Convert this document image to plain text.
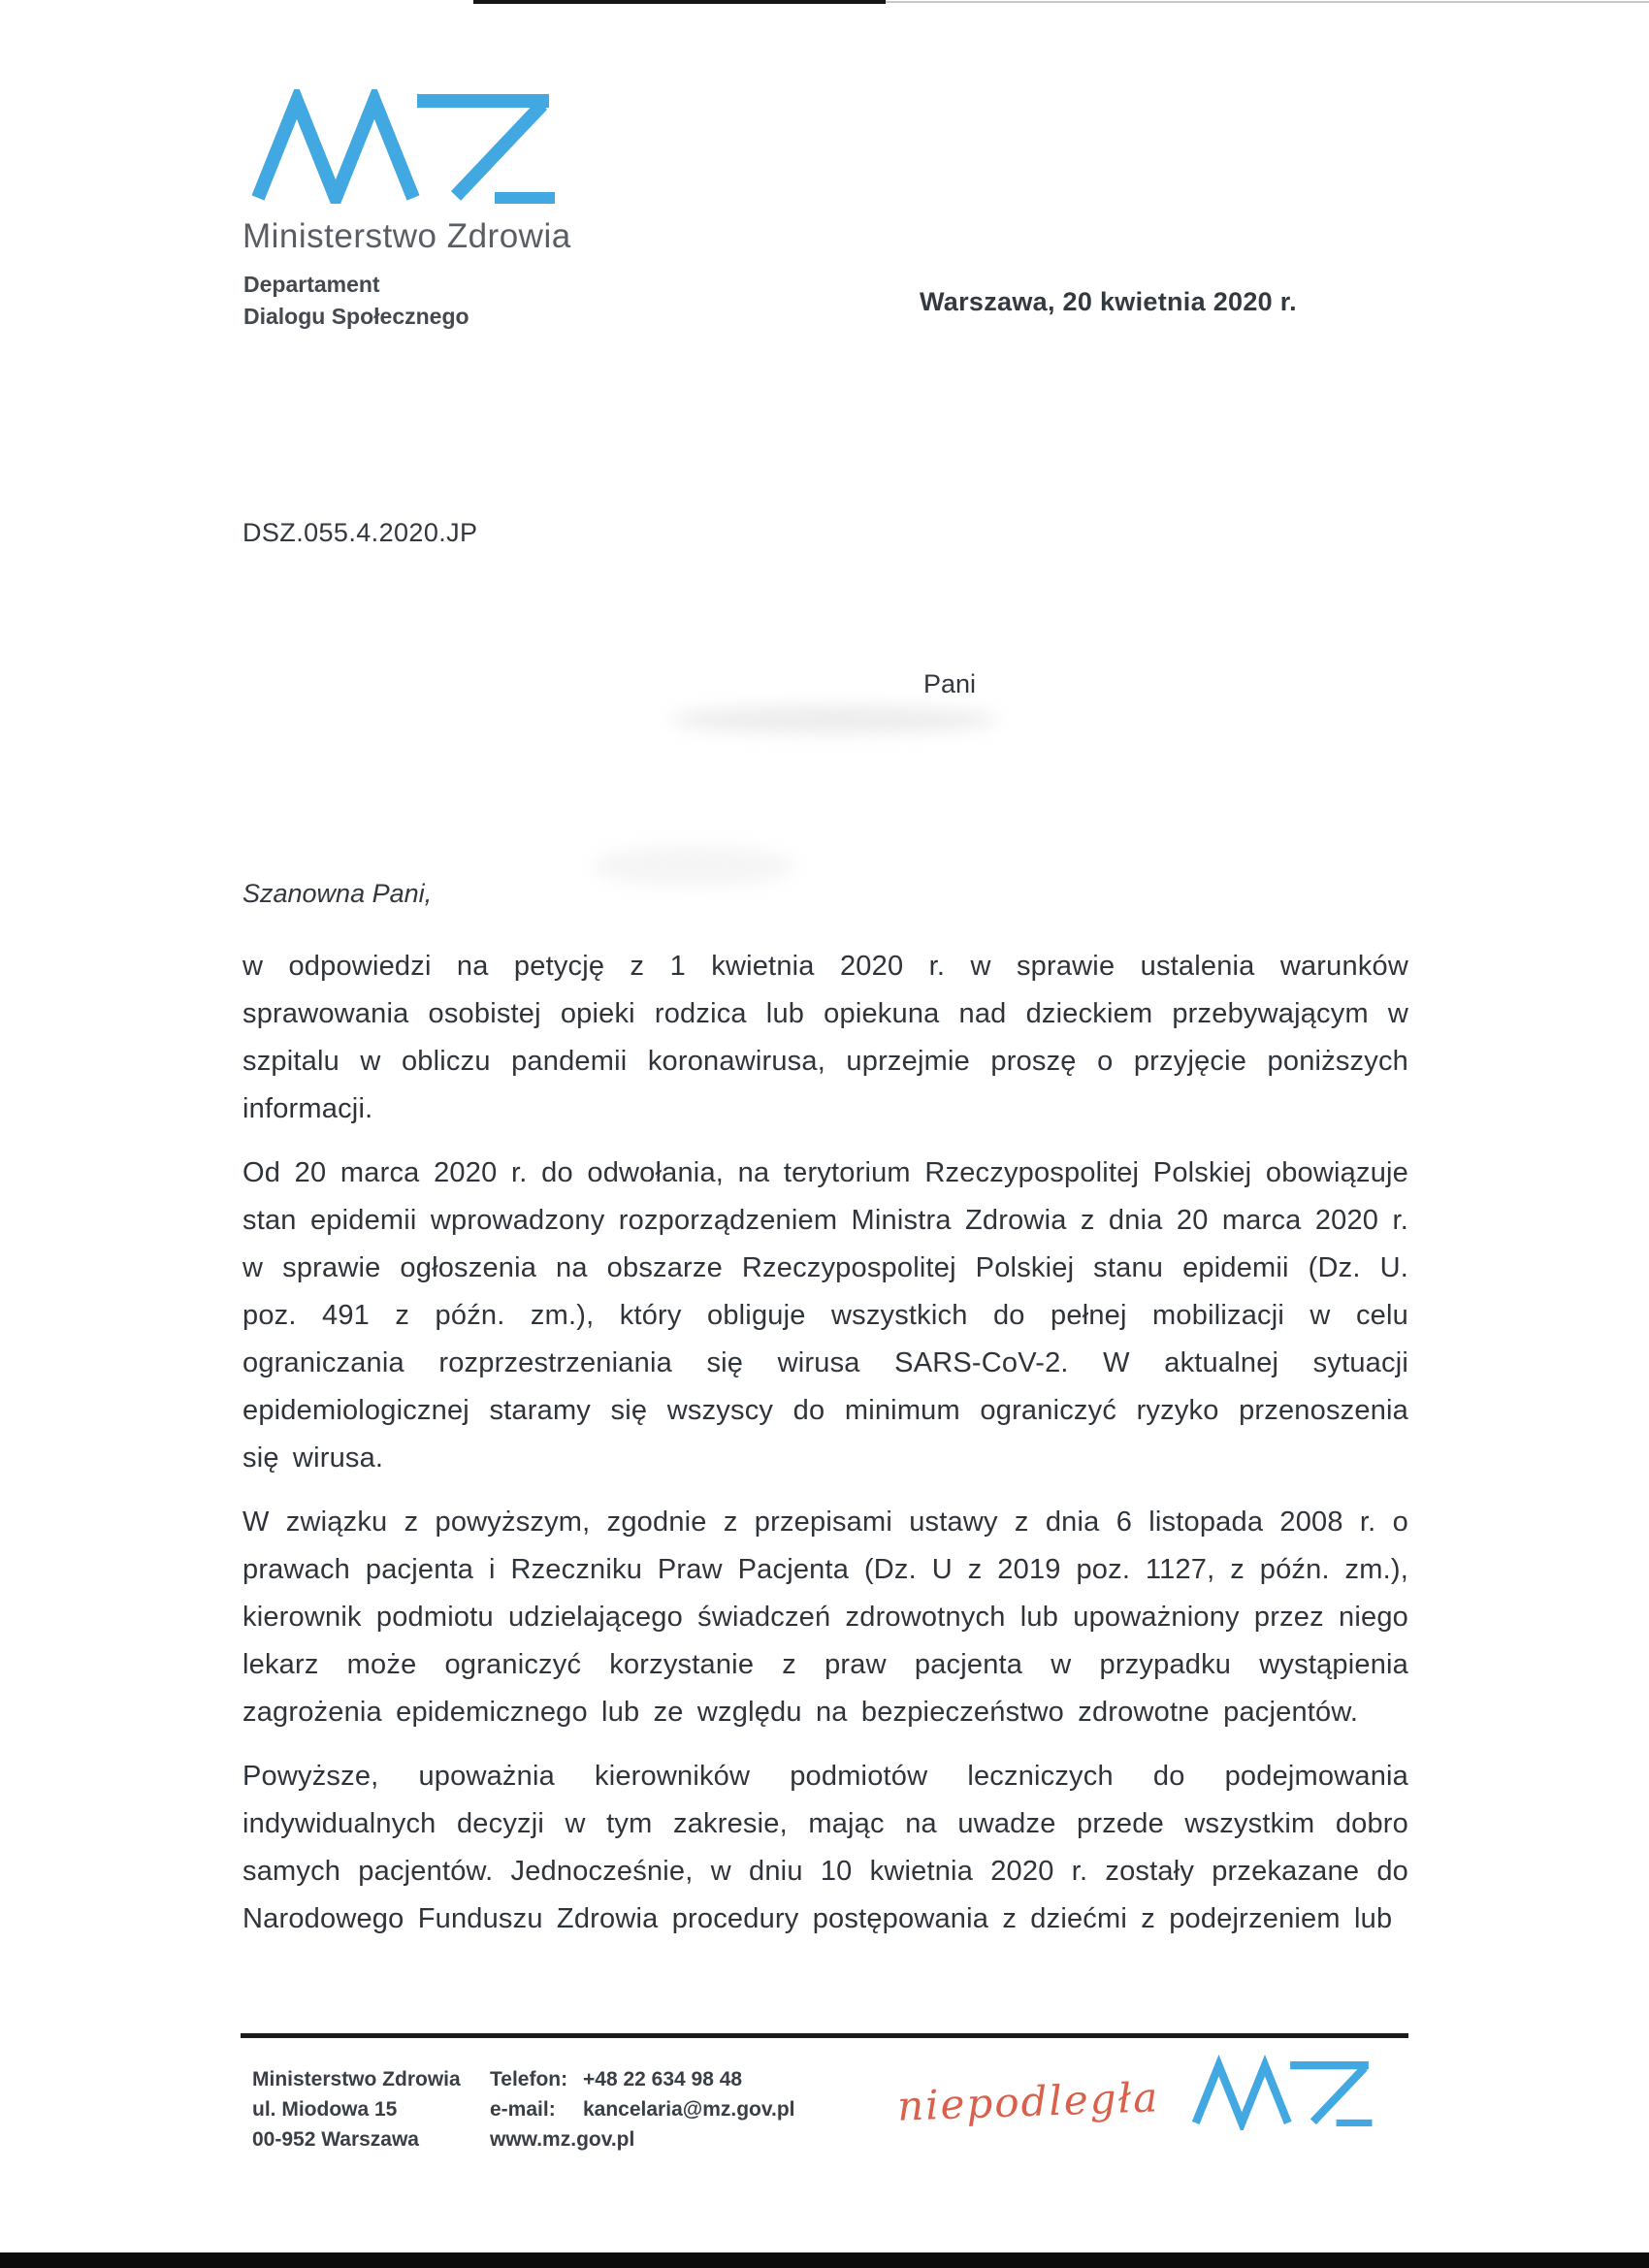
Ministerstwo Zdrowia
Departament
Dialogu Społecznego	Warszawa, 20 kwietnia 2020 r.
DSZ.055.4.2020.JP
Pani
Szanowna Pani,

w odpowiedzi na petycję z 1 kwietnia 2020 r. w sprawie ustalenia warunków sprawowania osobistej opieki rodzica lub opiekuna nad dzieckiem przebywającym w szpitalu w obliczu pandemii koronawirusa, uprzejmie proszę o przyjęcie poniższych informacji.

Od 20 marca 2020 r. do odwołania, na terytorium Rzeczypospolitej Polskiej obowiązuje stan epidemii wprowadzony rozporządzeniem Ministra Zdrowia z dnia 20 marca 2020 r. w sprawie ogłoszenia na obszarze Rzeczypospolitej Polskiej stanu epidemii (Dz. U. poz. 491 z późn. zm.), który obliguje wszystkich do pełnej mobilizacji w celu ograniczania rozprzestrzeniania się wirusa SARS-CoV-2. W aktualnej sytuacji epidemiologicznej staramy się wszyscy do minimum ograniczyć ryzyko przenoszenia się wirusa.

W związku z powyższym, zgodnie z przepisami ustawy z dnia 6 listopada 2008 r. o prawach pacjenta i Rzeczniku Praw Pacjenta (Dz. U z 2019 poz. 1127, z późn. zm.), kierownik podmiotu udzielającego świadczeń zdrowotnych lub upoważniony przez niego lekarz może ograniczyć korzystanie z praw pacjenta w przypadku wystąpienia zagrożenia epidemicznego lub ze względu na bezpieczeństwo zdrowotne pacjentów.

Powyższe, upoważnia kierowników podmiotów leczniczych do podejmowania indywidualnych decyzji w tym zakresie, mając na uwadze przede wszystkim dobro samych pacjentów. Jednocześnie, w dniu 10 kwietnia 2020 r. zostały przekazane do Narodowego Funduszu Zdrowia procedury postępowania z dziećmi z podejrzeniem lub

Ministerstwo Zdrowia
ul. Miodowa 15
00-952 Warszawa
Telefon: +48 22 634 98 48
e-mail:	kancelaria@mz.gov.pl
www.mz.gov.pl
niepodległa
